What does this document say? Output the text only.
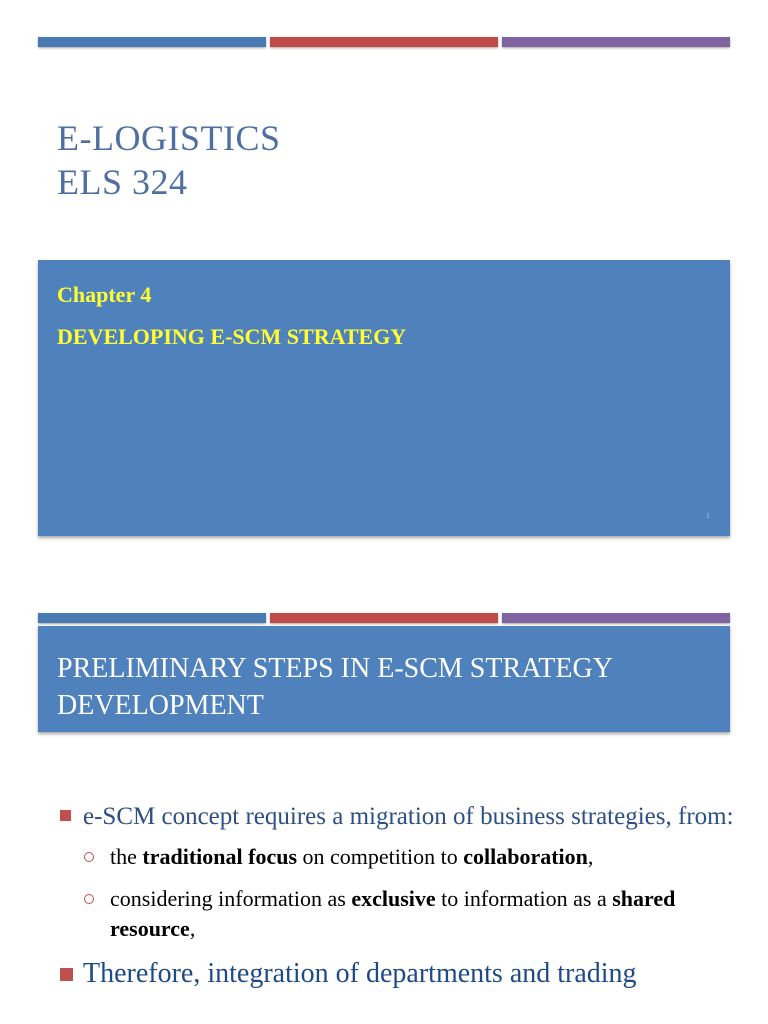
E-LOGISTICS
ELS 324

Chapter 4

DEVELOPING E-SCM STRATEGY

1
PRELIMINARY STEPS IN E-SCM STRATEGY DEVELOPMENT
e-SCM concept requires a migration of business strategies, from:
the traditional focus on competition to collaboration,
considering information as exclusive to information as a shared resource,
Therefore, integration of departments and trading
